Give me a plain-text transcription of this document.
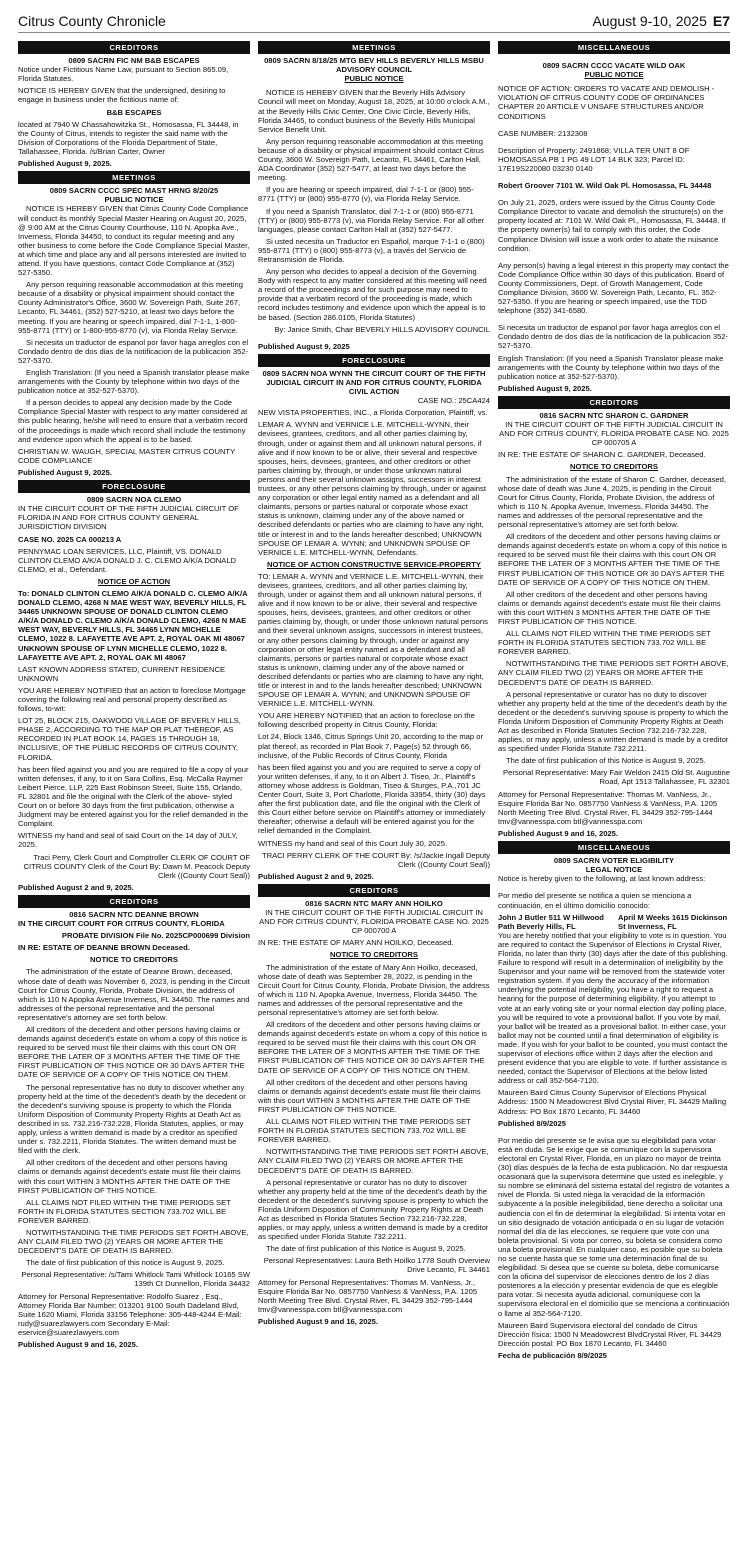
Citrus County Chronicle	August 9-10, 2025 E7
CREDITORS
0809 SACRN FIC NM B&B ESCAPES

Notice under Fictitious Name Law, pursuant to Section 865.09, Florida Statutes.

NOTICE IS HEREBY GIVEN that the undersigned, desiring to engage in business under the fictitious name of:

B&B ESCAPES

located at 7940 W Chassahowitzka St., Homosassa, FL 34448, in the County of Citrus, intends to register the said name with the Division of Corporations of the Florida Department of State, Tallahassee, Florida. /s/Brian Carter, Owner

Published August 9, 2025.

MEETINGS
0809 SACRN CCCC SPEC MAST HRNG 8/20/25
PUBLIC NOTICE

NOTICE IS HEREBY GIVEN that Citrus County Code Compliance will conduct its monthly Special Master Hearing on August 20, 2025, @ 9:00 AM at the Citrus County Courthouse, 110 N. Apopka Ave., Inverness, Florida 34450, to conduct its regular meeting and any other business to come before the Code Compliance Special Master, at which time and place any and all persons interested are invited to attend. If you have questions, contact Code Compliance at (352) 527-5350.

Any person requiring reasonable accommodation at this meeting because of a disability or physical impairment should contact the County Administrator's Office, 3600 W. Sovereign Path, Suite 267, Lecanto, FL 34461, (352) 527-5210, at least two days before the meeting. If you are hearing or speech impaired, dial 7-1-1, 1-800-955-8771 (TTY) or 1-800-955-8770 (v), via Florida Relay Service.

Si necesita un traductor de espanol por favor haga arreglos con el Condado dentro de dos dias de la notificacion de la publicacion 352-527-5370.

English Translation: (If you need a Spanish translator please make arrangements with the County by telephone within two days of the publication notice at 352-527-5370).

If a person decides to appeal any decision made by the Code Compliance Special Master with respect to any matter considered at this public hearing, he/she will need to ensure that a verbatim record of the proceedings is made which record shall include the testimony and evidence upon which the appeal is to be based.

CHRISTIAN W. WAUGH, SPECIAL MASTER CITRUS COUNTY CODE COMPLIANCE

Published August 9, 2025.

FORECLOSURE
0809 SACRN NOA CLEMO

IN THE CIRCUIT COURT OF THE FIFTH JUDICIAL CIRCUIT OF FLORIDA IN AND FOR CITRUS COUNTY GENERAL JURISDICTION DIVISION

CASE NO. 2025 CA 000213 A

PENNYMAC LOAN SERVICES, LLC, Plaintiff, VS. DONALD CLINTON CLEMO A/K/A DONALD J. C. CLEMO A/K/A DONALD CLEMO, et al., Defendant.

NOTICE OF ACTION

To: DONALD CLINTON CLEMO A/K/A DONALD C. CLEMO A/K/A DONALD CLEMO, 4268 N MAE WEST WAY, BEVERLY HILLS, FL 34465 UNKNOWN SPOUSE OF DONALD CLINTON CLEMO A/K/A DONALD C. CLEMO A/K/A DONALD CLEMO, 4268 N MAE WEST WAY, BEVERLY HILLS, FL 34465 LYNN MICHELLE CLEMO, 1022 8. LAFAYETTE AVE APT. 2, ROYAL OAK MI 48067 UNKNOWN SPOUSE OF LYNN MICHELLE CLEMO, 1022 8. LAFAYETTE AVE APT. 2, ROYAL OAK MI 48067

LAST KNOWN ADDRESS STATED, CURRENT RESIDENCE UNKNOWN

YOU ARE HEREBY NOTIFIED that an action to foreclose Mortgage covering the following real and personal property described as follows, to-wit:

LOT 25, BLOCK 215, OAKWOOD VILLAGE OF BEVERLY HILLS, PHASE 2, ACCORDING TO THE MAP OR PLAT THEREOF, AS RECORDED IN PLAT BOOK 14, PAGES 15 THROUGH 18, INCLUSIVE, OF THE PUBLIC RECORDS OF CITRUS COUNTY, FLORIDA.

has been filed against you and you are required to file a copy of your written defenses, if any, to it on Sara Collins, Esq. McCalla Raymer Leibert Pierce, LLP, 225 East Robinson Street, Suite 155, Orlando, FL 32801 and file the original with the Clerk of the above- styled Court on or before 30 days from the first publication, otherwise a Judgment may be entered against you for the relief demanded in the Complaint.

WITNESS my hand and seal of said Court on the 14 day of JULY, 2025.

Traci Perry, Clerk Court and Comptroller CLERK OF COURT OF CITRUS COUNTY Clerk of the Court By: Dawn M. Peacock Deputy Clerk ((County Court Seal))

Published August 2 and 9, 2025.

CREDITORS
0816 SACRN NTC DEANNE BROWN

IN THE CIRCUIT COURT FOR CITRUS COUNTY, FLORIDA

PROBATE DIVISION File No. 2025CP000699 Division

IN RE: ESTATE OF DEANNE BROWN Deceased.

NOTICE TO CREDITORS

The administration of the estate of Deanne Brown, deceased, whose date of death was November 6, 2023, is pending in the Circuit Court for Citrus County, Florida, Probate Division, the address of which is 110 N Apopka Avenue Inverness, FL 34450. The names and addresses of the personal representative and the personal representative's attorney are set forth below.

All creditors of the decedent and other persons having claims or demands against decedent's estate on whom a copy of this notice is required to be served must file their claims with this court ON OR BEFORE THE LATER OF 3 MONTHS AFTER THE TIME OF THE FIRST PUBLICATION OF THIS NOTICE OR 30 DAYS AFTER THE DATE OF SERVICE OF A COPY OF THIS NOTICE ON THEM.

The personal representative has no duty to discover whether any property held at the time of the decedent's death by the decedent or the decedent's surviving spouse is property to which the Florida Uniform Disposition of Community Property Rights at Death Act as described in ss. 732.216-732.228, Florida Statutes, applies, or may apply, unless a written demand is made by a creditor as specified under s. 732.2211, Florida Statutes. The written demand must be filed with the clerk.

All other creditors of the decedent and other persons having claims or demands against decedent's estate must file their claims with this court WITHIN 3 MONTHS AFTER THE DATE OF THE FIRST PUBLICATION OF THIS NOTICE.

ALL CLAIMS NOT FILED WITHIN THE TIME PERIODS SET FORTH IN FLORIDA STATUTES SECTION 733.702 WILL BE FOREVER BARRED.

NOTWITHSTANDING THE TIME PERIODS SET FORTH ABOVE, ANY CLAIM FILED TWO (2) YEARS OR MORE AFTER THE DECEDENT'S DATE OF DEATH IS BARRED.

The date of first publication of this notice is August 9, 2025.

Personal Representative: /s/Tami Whitlock Tami Whitlock 10165 SW 139th Ct Dunnellon, Florida 34432

Attorney for Personal Representative: Rodolfo Suarez , Esq., Attorney Florida Bar Number: 013201 9100 South Dadeland Blvd, Suite 1620 Miami, Florida 33156 Telephone: 305-448-4244 E-Mail: rudy@suarezlawyers.com Secondary E-Mail: eservice@suarezlawyers.com

Published August 9 and 16, 2025.

MEETINGS
0809 SACRN 8/18/25 MTG BEV HILLS BEVERLY HILLS MSBU ADVISORY COUNCIL
PUBLIC NOTICE

NOTICE IS HEREBY GIVEN that the Beverly Hills Advisory Council will meet on Monday, August 18, 2025, at 10:00 o'clock A.M., at the Beverly Hills Civic Center, One Civic Circle, Beverly Hills, Florida 34465, to conduct business of the Beverly Hills Municipal Service Benefit Unit.

Any person requiring reasonable accommodation at this meeting because of a disability or physical impairment should contact Citrus County, 3600 W. Sovereign Path, Lecanto, FL 34461, Carlton Hall, ADA Coordinator (352) 527-5477, at least two days before the meeting.

If you are hearing or speech impaired, dial 7-1-1 or (800) 955-8771 (TTY) or (800) 955-8770 (v), via Florida Relay Service.

If you need a Spanish Translator, dial 7-1-1 or (800) 955-8771 (TTY) or (800) 955-8773 (v), via Florida Relay Service. For all other languages, please contact Carlton Hall at (352) 527-5477.

Si usted necesita un Traductor en Español, marque 7-1-1 o (800) 955-8771 (TTY) o (800) 955-8773 (v), a través del Servicio de Retransmisión de Florida.

Any person who decides to appeal a decision of the Governing Body with respect to any matter considered at this meeting will need a record of the proceedings and for such purpose may need to provide that a verbatim record of the proceeding is made, which record includes testimony and evidence upon which the appeal is to be based. (Section 286.0105, Florida Statutes)

By: Janice Smith, Chair BEVERLY HILLS ADVISORY COUNCIL

Published August 9, 2025

FORECLOSURE
0809 SACRN NOA WYNN THE CIRCUIT COURT OF THE FIFTH JUDICIAL CIRCUIT IN AND FOR CITRUS COUNTY, FLORIDA CIVIL ACTION

CASE NO.: 25CA424

NEW VISTA PROPERTIES, INC., a Florida Corporation, Plaintiff, vs.

LEMAR A. WYNN and VERNICE L.E. MITCHELL-WYNN, their devisees, grantees, creditors, and all other parties claiming by, through, under or against them and all unknown natural persons, if alive and if now known to be or alive, their several and respective spouses, heirs, devisees, grantees, and other creditors or other parties claiming by, through, or under those unknown natural persons and their several unknown assigns, successors in interest trustees, or any other persons claiming by through, under or against any corporation or other legal entity named as a defendant and all claimants, persons or parties natural or corporate whose exact status is unknown, claiming under any of the above named or described defendants or parties who are claiming to have any right, title or interest in and to the lands hereafter described; UNKNOWN SPOUSE OF LEMAR A. WYNN; and UNKNOWN SPOUSE OF VERNICE L.E. MITCHELL-WYNN, Defendants.

NOTICE OF ACTION CONSTRUCTIVE SERVICE-PROPERTY

TO: LEMAR A. WYNN and VERNICE L.E. MITCHELL-WYNN, their devisees, grantees, creditors, and all other parties claiming by, through, under or against them and all unknown natural persons, if alive and if now known to be or alive, their several and respective spouses, heirs, devisees, grantees, and other creditors or other parties claiming by, though, or under those unknown natural persons and their several unknown assigns, successors in interest trustees, or any other persons claiming by through, under or against any corporation or other legal entity named as a defendant and all claimants, persons or parties natural or corporate whose exact status is unknown, claiming under any of the above named or described defendants or parties who are claiming to have any right, title or interest in and to the lands hereafter described; UNKNOWN SPOUSE OF LEMAR A. WYNN; and UNKNOWN SPOUSE OF VERNICE L.E. MITCHELL-WYNN.

YOU ARE HEREBY NOTIFIED that an action to foreclose on the following described property in Citrus County, Florida:

Lot 24, Block 1346, Citrus Springs Unit 20, according to the map or plat thereof, as recorded in Plat Book 7, Page(s) 52 through 66, inclusive, of the Public Records of Citrus County, Florida

has been filed against you and you are required to serve a copy of your written defenses, if any, to it on Albert J. Tiseo, Jr., Plaintiff's attorney whose address is Goldman, Tiseo & Sturges, P.A.,701 JC Center Court, Suite 3, Port Charlotte, Florida 33954, thirty (30) days after the first publication date, and file the original with the Clerk of this Court either before service on Plaintiff's attorney or immediately thereafter; otherwise a default will be entered against you for the relief demanded in the Complaint.

WITNESS my hand and seal of this Court July 30, 2025.

TRACI PERRY CLERK OF THE COURT By: /s/Jackie Ingall Deputy Clerk ((County Court Seal))

Published August 2 and 9, 2025.

CREDITORS
0816 SACRN NTC MARY ANN HOILKO

IN THE CIRCUIT COURT OF THE FIFTH JUDICIAL CIRCUIT IN AND FOR CITRUS COUNTY, FLORIDA PROBATE CASE NO. 2025 CP 000700 A

IN RE: THE ESTATE OF MARY ANN HOILKO, Deceased.

NOTICE TO CREDITORS

The administration of the estate of Mary Ann Hoilko, deceased, whose date of death was September 28, 2022, is pending in the Circuit Court for Citrus County, Florida, Probate Division, the address of which is 110 N. Apopka Avenue, Inverness, Florida 34450. The names and addresses of the personal representative and the personal representative's attorney are set forth below.

All creditors of the decedent and other persons having claims or demands against decedent's estate on whom a copy of this notice is required to be served must file their claims with this court ON OR BEFORE THE LATER OF 3 MONTHS AFTER THE TIME OF THE FIRST PUBLICATION OF THIS NOTICE OR 30 DAYS AFTER THE DATE OF SERVICE OF A COPY OF THIS NOTICE ON THEM.

All other creditors of the decedent and other persons having claims or demands against decedent's estate must file their claims with this court WITHIN 3 MONTHS AFTER THE DATE OF THE FIRST PUBLICATION OF THIS NOTICE.

ALL CLAIMS NOT FILED WITHIN THE TIME PERIODS SET FORTH IN FLORIDA STATUTES SECTION 733.702 WILL BE FOREVER BARRED.

NOTWITHSTANDING THE TIME PERIODS SET FORTH ABOVE, ANY CLAIM FILED TWO (2) YEARS OR MORE AFTER THE DECEDENT'S DATE OF DEATH IS BARRED.

A personal representative or curator has no duty to discover whether any property held at the time of the decedent's death by the decedent or the decedent's surviving spouse is property to which the Florida Uniform Disposition of Community Property Rights at Death Act as described in Florida Statutes Section 732.216-732.228, applies, or may apply, unless a written demand is made by a creditor as specified under Florida Statute 732.2211.

The date of first publication of this Notice is August 9, 2025.

Personal Representatives: Laura Beth Hoilko 1778 South Overview Drive Lecanto, FL 34461

Attorney for Personal Representatives: Thomas M. VanNess, Jr., Esquire Florida Bar No. 0857750 VanNess & VanNess, P.A. 1205 North Meeting Tree Blvd. Crystal River, FL 34429 352-795-1444 tmv@vannesspa.com btl@vannesspa.com

Published August 9 and 16, 2025.

MISCELLANEOUS
0809 SACRN CCCC VACATE WILD OAK
PUBLIC NOTICE

NOTICE OF ACTION: ORDERS TO VACATE AND DEMOLISH - VIOLATION OF CITRUS COUNTY CODE OF ORDINANCES CHAPTER 20 ARTICLE V UNSAFE STRUCTURES AND/OR CONDITIONS

CASE NUMBER: 2132308

Description of Property: 2491868; VILLA TER UNIT 8 OF HOMOSASSA PB 1 PG 49 LOT 14 BLK 323; Parcel ID: 17E19S220080 03230 0140

Robert Groover 7101 W. Wild Oak Pl. Homosassa, FL 34448

On July 21, 2025, orders were issued by the Citrus County Code Compliance Director to vacate and demolish the structure(s) on the property located at: 7101 W. Wild Oak Pl., Homosassa, FL 34448. If the property owner(s) fail to comply with this order, the Code Compliance Division will issue a work order to abate the nuisance condition.

Any person(s) having a legal interest in this property may contact the Code Compliance Office within 30 days of this publication. Board of County Commissioners, Dept. of Growth Management, Code Compliance Division, 3600 W. Sovereign Path, Lecanto, FL. 352-527-5350. If you are hearing or speech impaired, use the TDD telephone (352) 341-6580.

Si necesita un traductor de espanol por favor haga arreglos con el Condado dentro de dos dias de la notificacion de la publicacion 352-527-5370.

English Translation: (If you need a Spanish Translator please make arrangements with the County by telephone within two days of the publication notice at 352-527-5370).

Published August 9, 2025.

CREDITORS
0816 SACRN NTC SHARON C. GARDNER

IN THE CIRCUIT COURT OF THE FIFTH JUDICIAL CIRCUIT IN AND FOR CITRUS COUNTY, FLORIDA PROBATE CASE NO. 2025 CP 000705 A

IN RE: THE ESTATE OF SHARON C. GARDNER, Deceased.

NOTICE TO CREDITORS

The administration of the estate of Sharon C. Gardner, deceased, whose date of death was June 4, 2025, is pending in the Circuit Court for Citrus County, Florida, Probate Division, the address of which is 110 N. Apopka Avenue, Inverness, Florida 34450. The names and addresses of the personal representative and the personal representative's attorney are set forth below.

All creditors of the decedent and other persons having claims or demands against decedent's estate on whom a copy of this notice is required to be served must file their claims with this court ON OR BEFORE THE LATER OF 3 MONTHS AFTER THE TIME OF THE FIRST PUBLICATION OF THIS NOTICE OR 30 DAYS AFTER THE DATE OF SERVICE OF A COPY OF THIS NOTICE ON THEM.

All other creditors of the decedent and other persons having claims or demands against decedent's estate must file their claims with this court WITHIN 3 MONTHS AFTER THE DATE OF THE FIRST PUBLICATION OF THIS NOTICE.

ALL CLAIMS NOT FILED WITHIN THE TIME PERIODS SET FORTH IN FLORIDA STATUTES SECTION 733.702 WILL BE FOREVER BARRED.

NOTWITHSTANDING THE TIME PERIODS SET FORTH ABOVE, ANY CLAIM FILED TWO (2) YEARS OR MORE AFTER THE DECEDENT'S DATE OF DEATH IS BARRED.

A personal representative or curator has no duty to discover whether any property held at the time of the decedent's death by the decedent or the decedent's surviving spouse is property to which the Florida Uniform Disposition of Community Property Rights at Death Act as described in Florida Statutes Section 732.216-732.228, applies, or may apply, unless a written demand is made by a creditor as specified under Florida Statute 732.2211.

The date of first publication of this Notice is August 9, 2025.

Personal Representative: Mary Fair Weldon 2415 Old St. Augustine Road, Apt 1513 Tallahassee, FL 32301

Attorney for Personal Representative: Thomas M. VanNess, Jr., Esquire Florida Bar No. 0857750 VanNess & VanNess, P.A. 1205 North Meeting Tree Blvd. Crystal River, FL 34429 352-795-1444 tmv@vannesspa.com btl@vannesspa.com

Published August 9 and 16, 2025.

MISCELLANEOUS
0809 SACRN VOTER ELIGIBILITY
LEGAL NOTICE

Notice is hereby given to the following, at last known address:

Por medio del presente se notifica a quien se menciona a continuación, en el último domicilio conocido:

John J Butler 511 W Hillwood Path Beverly Hills, FL
April M Weeks 1615 Dickinson St Inverness, FL

You are hereby notified that your eligibility to vote is in question. You are required to contact the Supervisor of Elections in Crystal River, Florida, no later than thirty (30) days after the date of this publishing. Failure to respond will result in a determination of ineligibility by the Supervisor and your name will be removed from the statewide voter registration system. If you deny the accuracy of the information underlying the potential ineligibility, you have a right to request a hearing for the purpose of determining eligibility. If you attempt to vote at an early voting site or your normal election day polling place, you will be required to vote a provisional ballot. If you vote by mail, your ballot will be treated as a provisional ballot. In either case, your ballot may not be counted until a final determination of eligibility is made. If you wish for your ballot to be counted, you must contact the supervisor of elections office within 2 days after the election and present evidence that you are eligible to vote. If further assistance is needed, contact the Supervisor of Elections at the below listed address or call 352-564-7120.

Maureen Baird Citrus County Supervisor of Elections Physical Address: 1500 N Meadowcrest Blvd Crystal River, FL 34429 Mailing Address: PO Box 1870 Lecanto, FL 34460

Published 8/9/2025

Por medio del presente se le avisa que su elegibilidad para votar está en duda. Se le exige que se comunique con la supervisora electoral en Crystal River, Florida, en un plazo no mayor de treinta (30) días después de la fecha de esta publicación. No dar respuesta ocasionará que la supervisora determine que usted es inelegible, y su nombre se eliminará del sistema estatal del registro de votantes a nivel de Florida. Si usted niega la veracidad de la información subyacente a la posible inelegibilidad, tiene derecho a solicitar una audiencia con el fin de determinar la elegibilidad. Si intenta votar en un sitio designado de votación anticipada o en su lugar de votación normal del día de las elecciones, se requiere que vote con una boleta provisional. Si vota por correo, su boleta se considera como una boleta provisional. En cualquier caso, es posible que su boleta no se cuente hasta que se tome una determinación final de su elegibilidad. Si desea que se cuente su boleta, debe comunicarse con la oficina del supervisor de elecciones dentro de los 2 días posteriores a la elección y presentar evidencia de que es elegible para votar. Si necesita ayuda adicional, comuníquese con la supervisora electoral en el domicilio que se menciona a continuación o llame al 352-564-7120.

Maureen Baird Supervisora electoral del condado de Citrus Dirección física: 1500 N Meadowcrest BlvdCrystal River, FL 34429 Dirección postal: PO Box 1870 Lecanto, FL 34460

Fecha de publicación 8/9/2025
